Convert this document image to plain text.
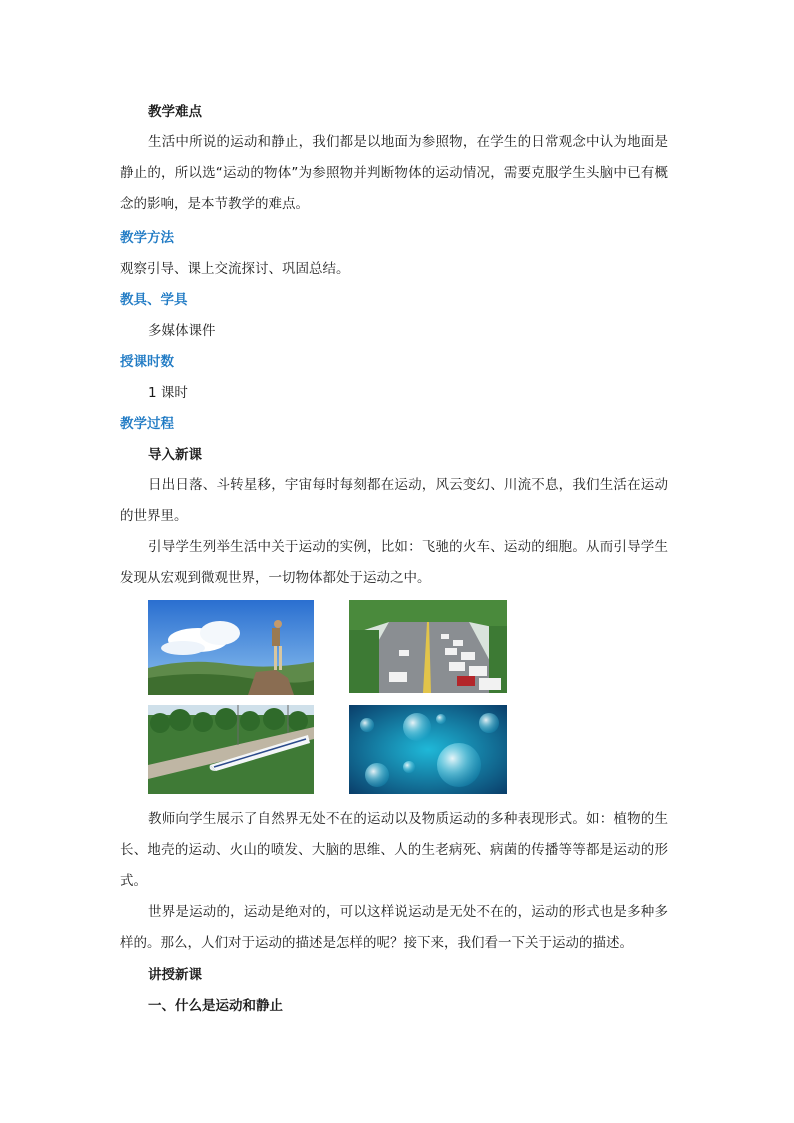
教学难点
生活中所说的运动和静止，我们都是以地面为参照物，在学生的日常观念中认为地面是静止的，所以选“运动的物体”为参照物并判断物体的运动情况，需要克服学生头脑中已有概念的影响，是本节教学的难点。
教学方法
观察引导、课上交流探讨、巩固总结。
教具、学具
多媒体课件
授课时数
1 课时
教学过程
导入新课
日出日落、斗转星移，宇宙每时每刻都在运动，风云变幻、川流不息，我们生活在运动的世界里。
引导学生列举生活中关于运动的实例，比如：飞驰的火车、运动的细胞。从而引导学生发现从宏观到微观世界，一切物体都处于运动之中。
教师向学生展示了自然界无处不在的运动以及物质运动的多种表现形式。如：植物的生长、地壳的运动、火山的喷发、大脑的思维、人的生老病死、病菌的传播等等都是运动的形式。
世界是运动的，运动是绝对的，可以这样说运动是无处不在的，运动的形式也是多种多样的。那么，人们对于运动的描述是怎样的呢？接下来，我们看一下关于运动的描述。
讲授新课
一、什么是运动和静止
